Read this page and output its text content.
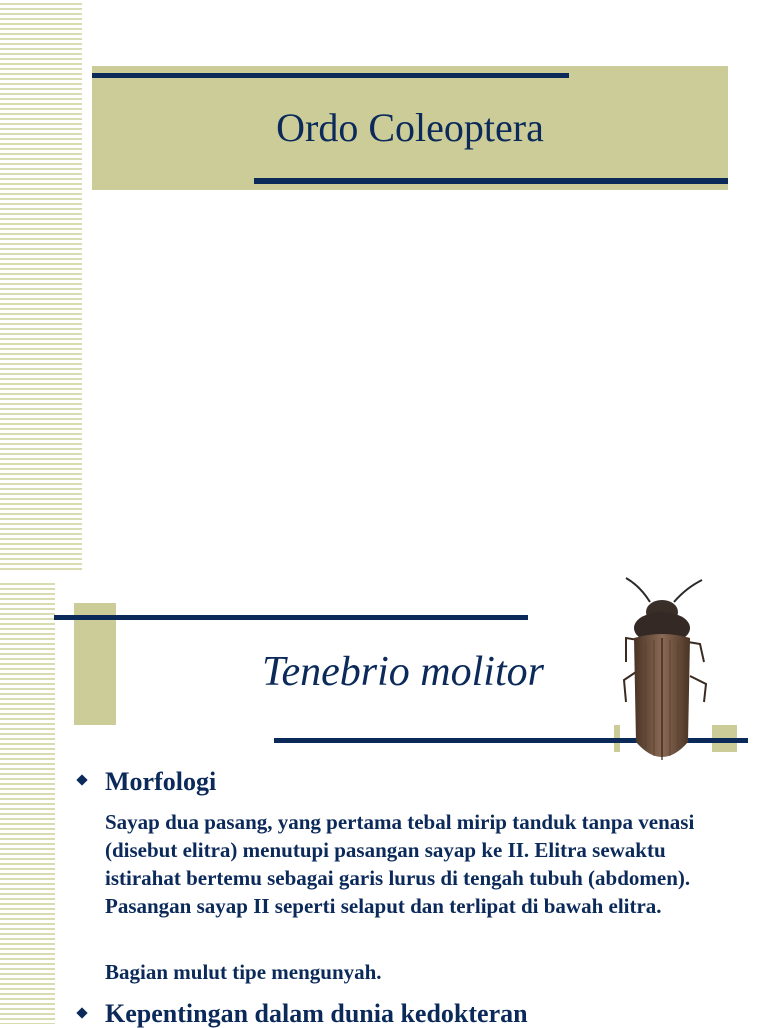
Ordo Coleoptera
Tenebrio molitor
Morfologi
Sayap dua pasang, yang pertama tebal mirip tanduk tanpa venasi (disebut elitra) menutupi pasangan sayap ke II. Elitra sewaktu istirahat bertemu sebagai garis lurus di tengah tubuh (abdomen). Pasangan sayap II seperti selaput dan terlipat di bawah elitra.
Bagian mulut tipe mengunyah.
Kepentingan dalam dunia kedokteran
